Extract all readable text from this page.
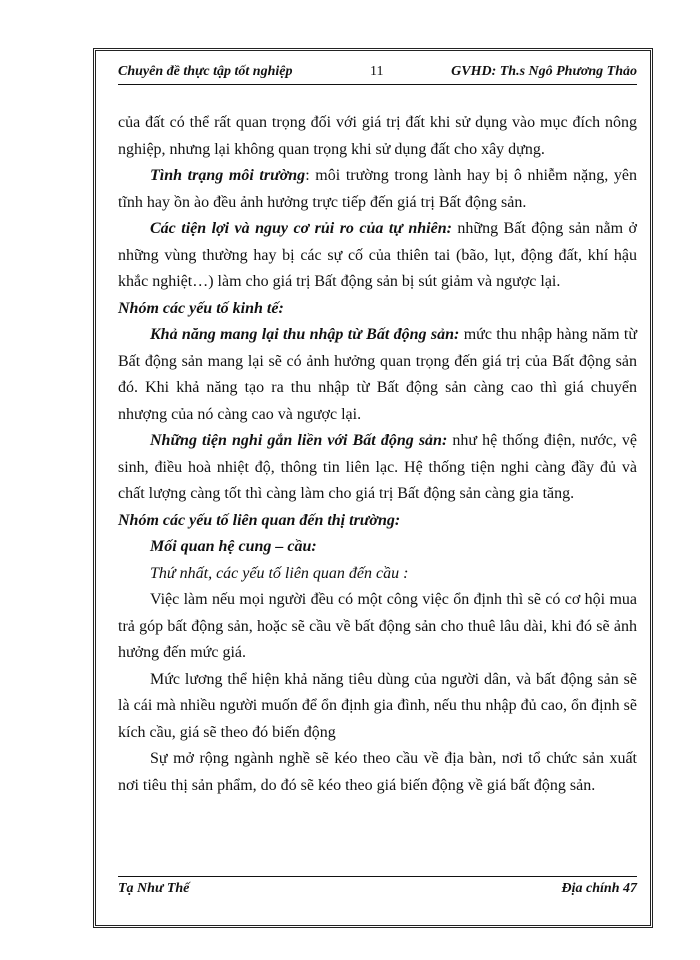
Chuyên đề thực tập tốt nghiệp	11	GVHD: Th.s Ngô Phương Thảo

của đất có thể rất quan trọng đối với giá trị đất khi sử dụng vào mục đích nông nghiệp, nhưng lại không quan trọng khi sử dụng đất cho xây dựng.

Tình trạng môi trường: môi trường trong lành hay bị ô nhiễm nặng, yên tĩnh hay ồn ào đều ảnh hưởng trực tiếp đến giá trị Bất động sản.

Các tiện lợi và nguy cơ rủi ro của tự nhiên: những Bất động sản nằm ở những vùng thường hay bị các sự cố của thiên tai (bão, lụt, động đất, khí hậu khắc nghiệt…) làm cho giá trị Bất động sản bị sút giảm và ngược lại.

Nhóm các yếu tố kinh tế:

Khả năng mang lại thu nhập từ Bất động sản: mức thu nhập hàng năm từ Bất động sản mang lại sẽ có ảnh hưởng quan trọng đến giá trị của Bất động sản đó. Khi khả năng tạo ra thu nhập từ Bất động sản càng cao thì giá chuyển nhượng của nó càng cao và ngược lại.

Những tiện nghi gắn liền với Bất động sản: như hệ thống điện, nước, vệ sinh, điều hoà nhiệt độ, thông tin liên lạc. Hệ thống tiện nghi càng đầy đủ và chất lượng càng tốt thì càng làm cho giá trị Bất động sản càng gia tăng.

Nhóm các yếu tố liên quan đến thị trường:

Mối quan hệ cung – cầu:

Thứ nhất, các yếu tố liên quan đến cầu :

Việc làm nếu mọi người đều có một công việc ổn định thì sẽ có cơ hội mua trả góp bất động sản, hoặc sẽ cầu về bất động sản cho thuê lâu dài, khi đó sẽ ảnh hưởng đến mức giá.

Mức lương thể hiện khả năng tiêu dùng của người dân, và bất động sản sẽ là cái mà nhiều người muốn để ổn định gia đình, nếu thu nhập đủ cao, ổn định sẽ kích cầu, giá sẽ theo đó biến động

Sự mở rộng ngành nghề sẽ kéo theo cầu về địa bàn, nơi tổ chức sản xuất nơi tiêu thị sản phẩm, do đó sẽ kéo theo giá biến động về giá bất động sản.

Tạ Như Thế	Địa chính 47
